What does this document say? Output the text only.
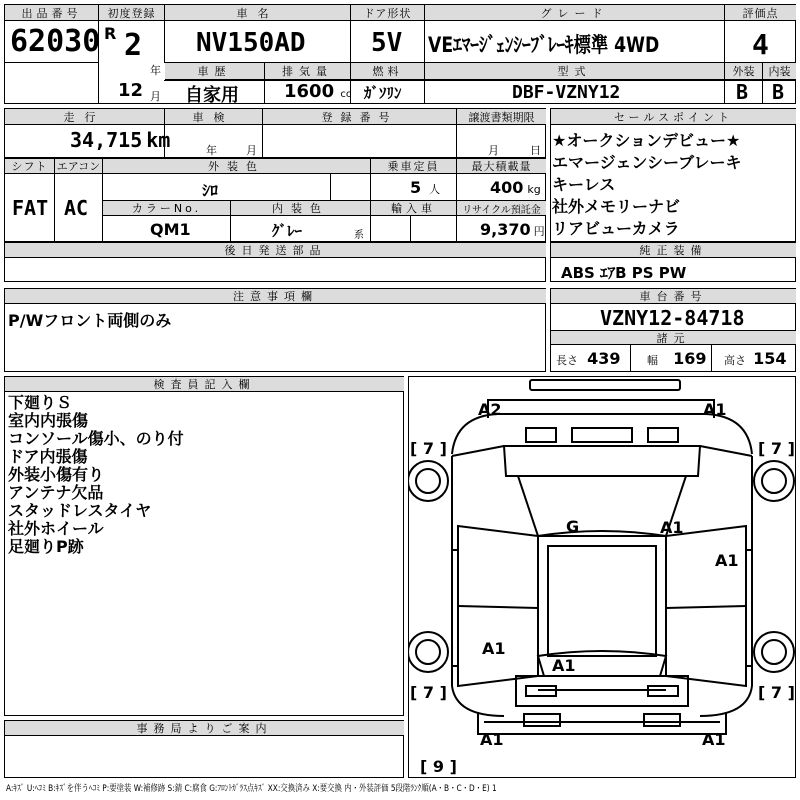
出品番号
62030
初度登録
R 2
年
12 月
車名
NV150AD
ドア形状
5V
グレード
VEｴﾏｰｼﾞｪﾝｼｰﾌﾞﾚｰｷ標準 4WD
評価点
4
車歴
自家用
排気量
1600 cc
燃料
ｶﾞｿﾘﾝ
型式
DBF-VZNY12
外装	内装
B B
走行
34,715 km
車検
年	月
登録番号	譲渡書類期限
月	日
セールスポイント
★オークションデビュー★
エマージェンシーブレーキ
キーレス
社外メモリーナビ
リアビューカメラ
シフト
FAT
エアコン
AC
外装色
ｼﾛ
乗車定員
5 人
最大積載量
400 kg
カラーNo.
QM1
内装色
ｸﾞﾚｰ	系
輸入車	リサイクル預託金
9,370 円
後日発送部品	純正装備
ABS ｴｱB PS PW
注意事項欄
P/Wフロント両側のみ
車台番号
VZNY12-84718
諸元
長さ 439 幅 169 高さ 154
検査員記入欄
下廻りＳ
室内内張傷
コンソール傷小、のり付
ドア内張傷
外装小傷有り
アンテナ欠品
スタッドレスタイヤ
社外ホイール
足廻りP跡
事務局よりご案内
A2	A1
G	A1
A1
A1
A1
A1	A1
[ 7 ]	[ 7 ]
[ 7 ]	[ 7 ]
[ 9 ]
A:ｷｽﾞ U:ﾍｺﾐ B:ｷｽﾞを伴うﾍｺﾐ P:要塗装 W:補修跡 S:錆 C:腐食 G:ﾌﾛﾝﾄｶﾞﾗｽ点ｷｽﾞ XX:交換済み X:要交換 内・外装評価 5段階ﾗﾝｸ順(A・B・C・D・E) 1
